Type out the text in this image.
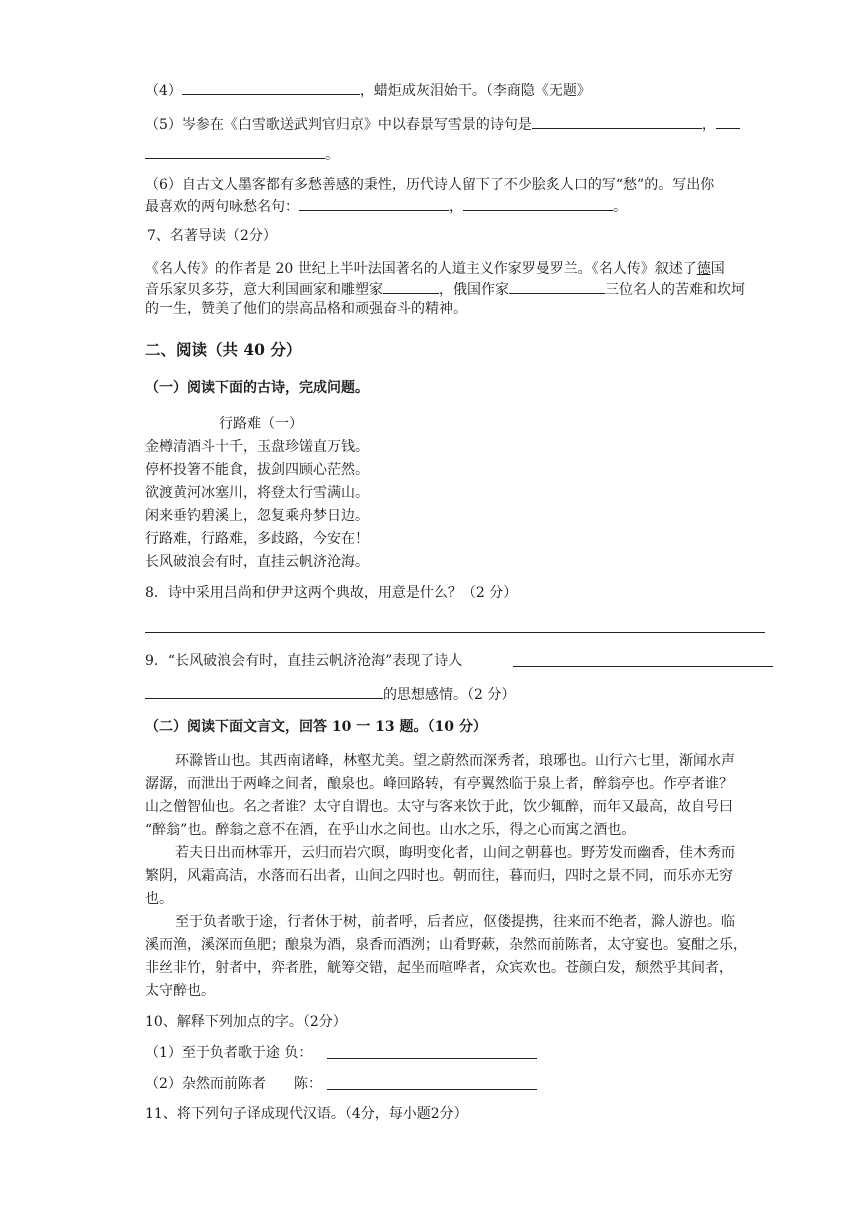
（4）	，蜡炬成灰泪始干。（李商隐《无题》
（5）岑参在《白雪歌送武判官归京》中以春景写雪景的诗句是	，
。
（6）自古文人墨客都有多愁善感的秉性，历代诗人留下了不少脍炙人口的写“愁”的。写出你
最喜欢的两句咏愁名句：	，	。
7、名著导读（2分）
《名人传》的作者是 20 世纪上半叶法国著名的人道主义作家罗曼罗兰。《名人传》叙述了德国
音乐家贝多芬，意大利国画家和雕塑家	，俄国作家	三位名人的苦难和坎坷
的一生，赞美了他们的崇高品格和顽强奋斗的精神。
二、阅读（共 40 分）
（一）阅读下面的古诗，完成问题。
行路难（一）
金樽清酒斗十千，玉盘珍馐直万钱。
停杯投箸不能食，拔剑四顾心茫然。
欲渡黄河冰塞川，将登太行雪满山。
闲来垂钓碧溪上，忽复乘舟梦日边。
行路难，行路难，多歧路，今安在！
长风破浪会有时，直挂云帆济沧海。
8．诗中采用吕尚和伊尹这两个典故，用意是什么？（2 分）
9．“长风破浪会有时，直挂云帆济沧海”表现了诗人
的思想感情。（2 分）
（二）阅读下面文言文，回答 10 一 13 题。（10 分）
环滁皆山也。其西南诸峰，林壑尤美。望之蔚然而深秀者，琅琊也。山行六七里，渐闻水声
潺潺，而泄出于两峰之间者，酿泉也。峰回路转，有亭翼然临于泉上者，醉翁亭也。作亭者谁？
山之僧智仙也。名之者谁？太守自谓也。太守与客来饮于此，饮少辄醉，而年又最高，故自号曰
“醉翁”也。醉翁之意不在酒，在乎山水之间也。山水之乐，得之心而寓之酒也。
若夫日出而林霏开，云归而岩穴暝，晦明变化者，山间之朝暮也。野芳发而幽香，佳木秀而
繁阴，风霜高洁，水落而石出者，山间之四时也。朝而往，暮而归，四时之景不同，而乐亦无穷
也。
至于负者歌于途，行者休于树，前者呼，后者应，伛偻提携，往来而不绝者，滁人游也。临
溪而渔，溪深而鱼肥；酿泉为酒，泉香而酒洌；山肴野蔌，杂然而前陈者，太守宴也。宴酣之乐，
非丝非竹，射者中，弈者胜，觥筹交错，起坐而喧哗者，众宾欢也。苍颜白发，颓然乎其间者，
太守醉也。
10、解释下列加点的字。（2分）
（1）至于负者歌于途 负：
（2）杂然而前陈者 陈：
11、将下列句子译成现代汉语。（4分，每小题2分）
